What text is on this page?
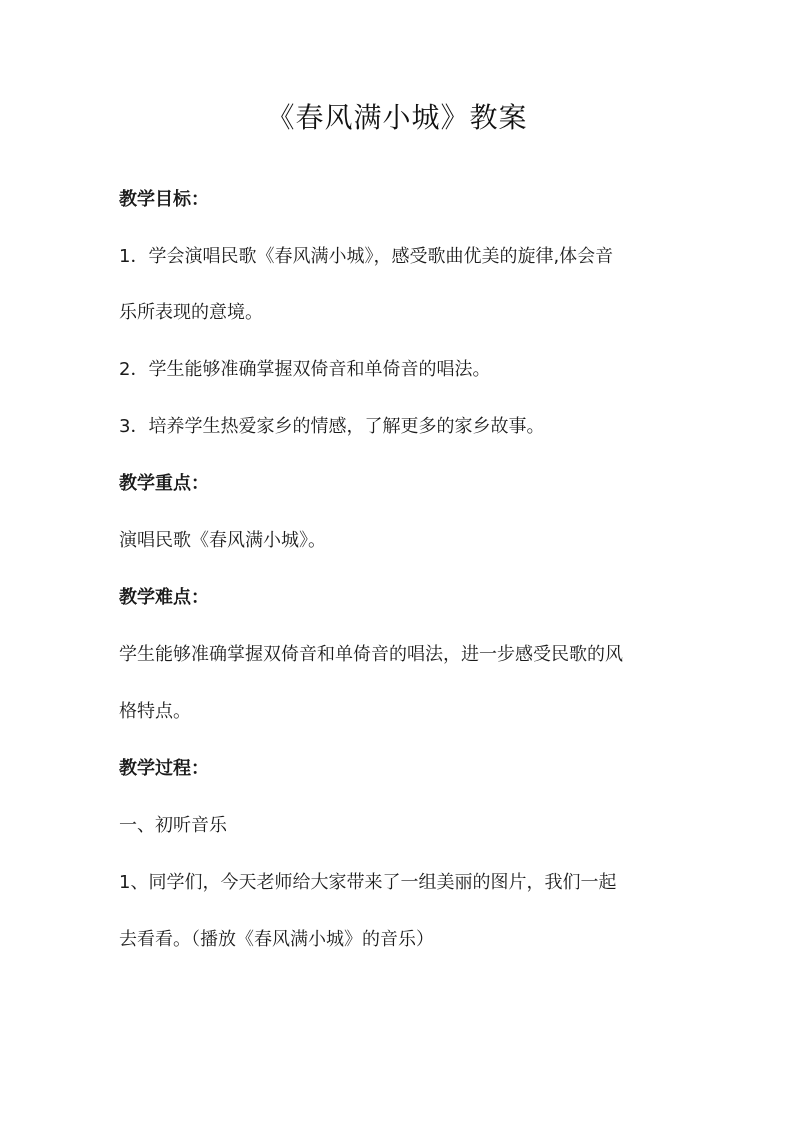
《春风满小城》教案
教学目标：
1．学会演唱民歌《春风满小城》，感受歌曲优美的旋律,体会音
乐所表现的意境。
2．学生能够准确掌握双倚音和单倚音的唱法。
3．培养学生热爱家乡的情感，了解更多的家乡故事。
教学重点：
演唱民歌《春风满小城》。
教学难点：
学生能够准确掌握双倚音和单倚音的唱法，进一步感受民歌的风
格特点。
教学过程：
一、初听音乐
1、同学们，今天老师给大家带来了一组美丽的图片，我们一起
去看看。（播放《春风满小城》的音乐）
